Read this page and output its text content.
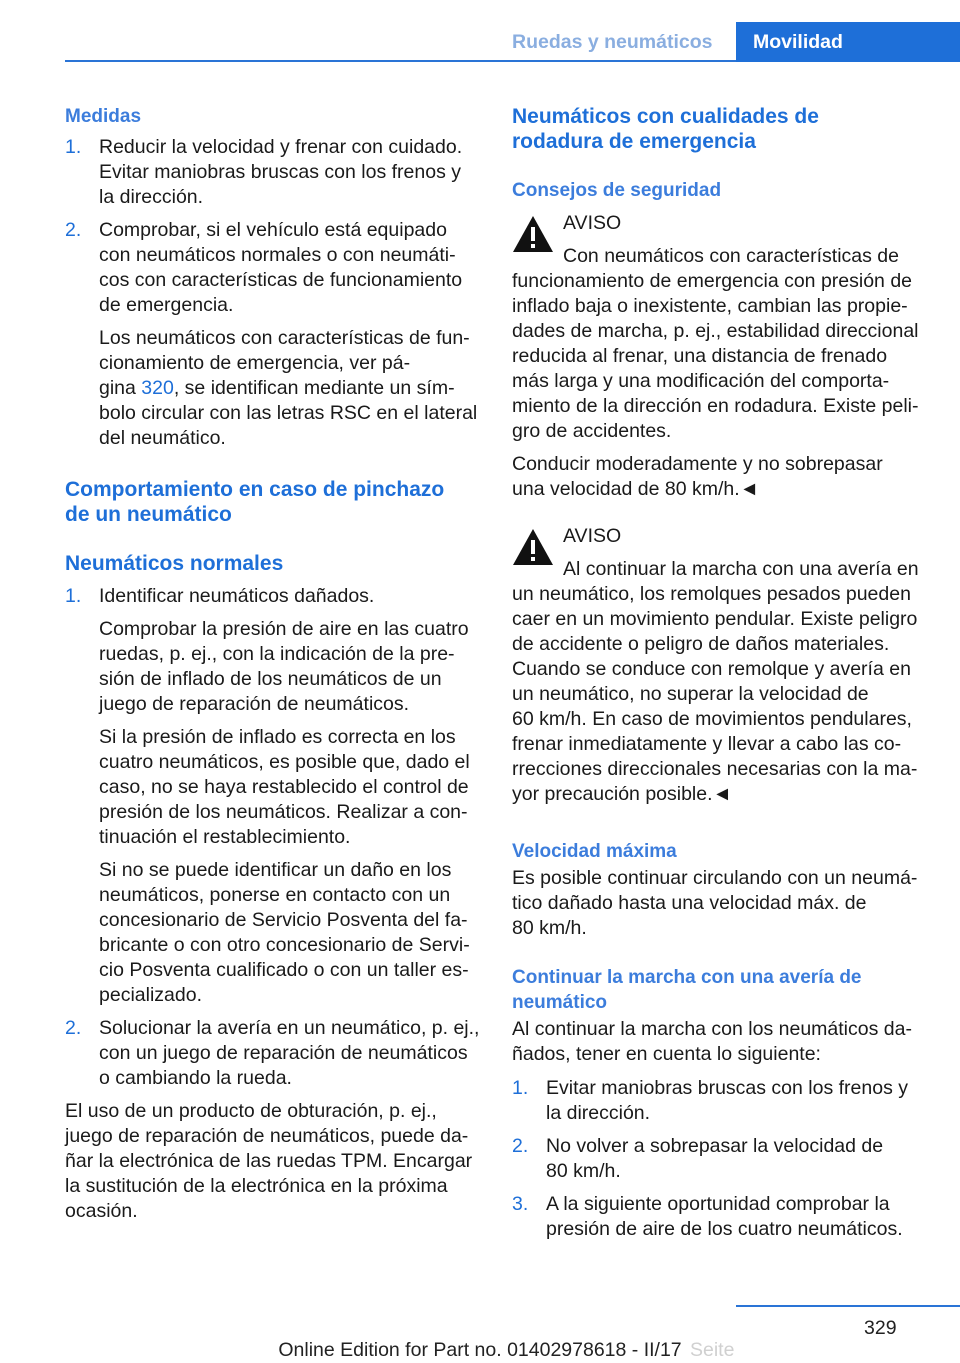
Ruedas y neumáticos Movilidad

Medidas

1. Reducir la velocidad y frenar con cuidado.
Evitar maniobras bruscas con los frenos y
la dirección.
2. Comprobar, si el vehículo está equipado
con neumáticos normales o con neumáti‐
cos con características de funcionamiento
de emergencia.
Los neumáticos con características de fun‐
cionamiento de emergencia, ver pá‐
gina 320, se identifican mediante un sím‐
bolo circular con las letras RSC en el lateral
del neumático.

Comportamiento en caso de pinchazo
de un neumático

Neumáticos normales

1. Identificar neumáticos dañados.
Comprobar la presión de aire en las cuatro
ruedas, p. ej., con la indicación de la pre‐
sión de inflado de los neumáticos de un
juego de reparación de neumáticos.
Si la presión de inflado es correcta en los
cuatro neumáticos, es posible que, dado el
caso, no se haya restablecido el control de
presión de los neumáticos. Realizar a con‐
tinuación el restablecimiento.
Si no se puede identificar un daño en los
neumáticos, ponerse en contacto con un
concesionario de Servicio Posventa del fa‐
bricante o con otro concesionario de Servi‐
cio Posventa cualificado o con un taller es‐
pecializado.
2. Solucionar la avería en un neumático, p. ej.,
con un juego de reparación de neumáticos
o cambiando la rueda.
El uso de un producto de obturación, p. ej.,
juego de reparación de neumáticos, puede da‐
ñar la electrónica de las ruedas TPM. Encargar
la sustitución de la electrónica en la próxima
ocasión.

Neumáticos con cualidades de
rodadura de emergencia

Consejos de seguridad

AVISO
Con neumáticos con características de
funcionamiento de emergencia con presión de
inflado baja o inexistente, cambian las propie‐
dades de marcha, p. ej., estabilidad direccional
reducida al frenar, una distancia de frenado
más larga y una modificación del comporta‐
miento de la dirección en rodadura. Existe peli‐
gro de accidentes.
Conducir moderadamente y no sobrepasar
una velocidad de 80 km/h.◄
AVISO
Al continuar la marcha con una avería en
un neumático, los remolques pesados pueden
caer en un movimiento pendular. Existe peligro
de accidente o peligro de daños materiales.
Cuando se conduce con remolque y avería en
un neumático, no superar la velocidad de
60 km/h. En caso de movimientos pendulares,
frenar inmediatamente y llevar a cabo las co‐
rrecciones direccionales necesarias con la ma‐
yor precaución posible.◄

Velocidad máxima

Es posible continuar circulando con un neumá‐
tico dañado hasta una velocidad máx. de
80 km/h.

Continuar la marcha con una avería de
neumático

Al continuar la marcha con los neumáticos da‐
ñados, tener en cuenta lo siguiente:
1. Evitar maniobras bruscas con los frenos y
la dirección.
2. No volver a sobrepasar la velocidad de
80 km/h.
3. A la siguiente oportunidad comprobar la
presión de aire de los cuatro neumáticos.
329
Seite
Online Edition for Part no. 01402978618 - II/17
